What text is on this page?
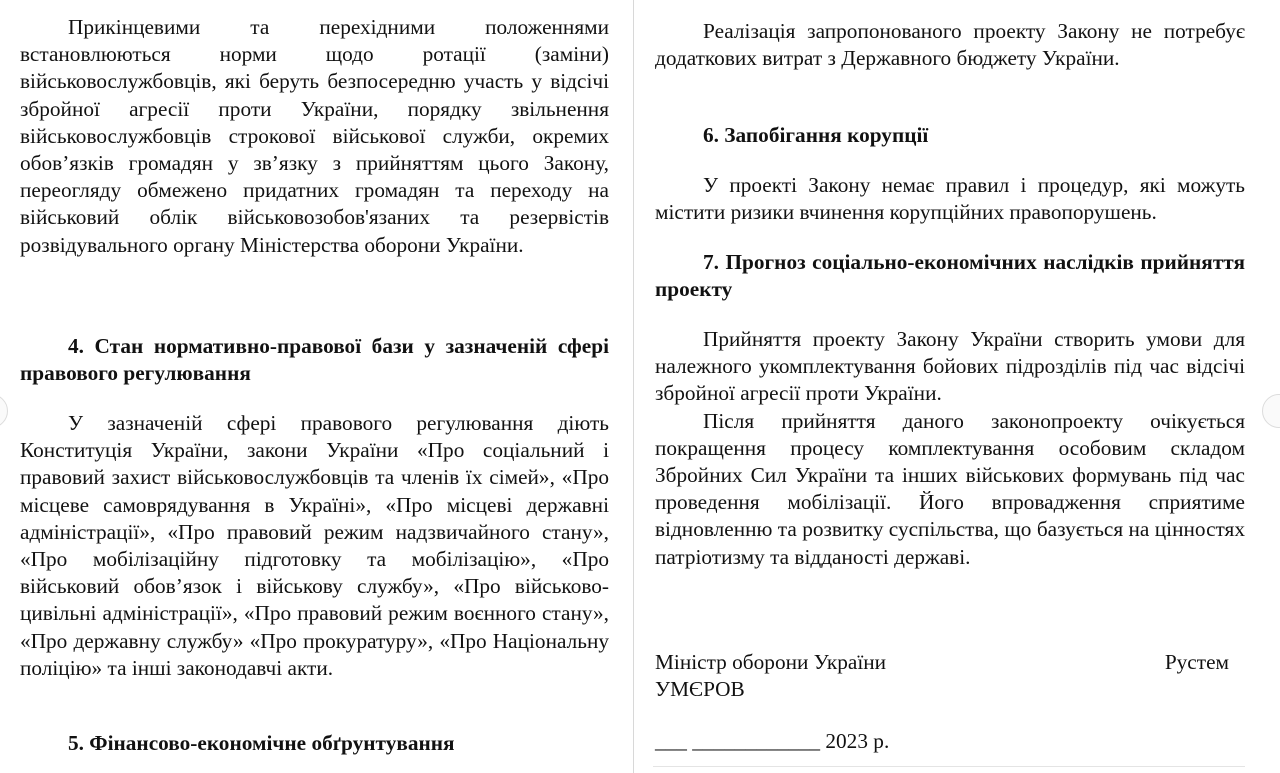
Прикінцевими та перехідними положеннями встановлюються норми щодо ротації (заміни) військовослужбовців, які беруть безпосередню участь у відсічі збройної агресії проти України, порядку звільнення військовослужбовців строкової військової служби, окремих обов’язків громадян у зв’язку з прийняттям цього Закону, переогляду обмежено придатних громадян та переходу на військовий облік військовозобов'язаних та резервістів розвідувального органу Міністерства оборони України.

4. Стан нормативно-правової бази у зазначеній сфері правового регулювання

У зазначеній сфері правового регулювання діють Конституція України, закони України «Про соціальний і правовий захист військовослужбовців та членів їх сімей», «Про місцеве самоврядування в Україні», «Про місцеві державні адміністрації», «Про правовий режим надзвичайного стану», «Про мобілізаційну підготовку та мобілізацію», «Про військовий обов’язок і військову службу», «Про військово-цивільні адміністрації», «Про правовий режим воєнного стану», «Про державну службу» «Про прокуратуру», «Про Національну поліцію» та інші законодавчі акти.

5. Фінансово-економічне обґрунтування

Реалізація запропонованого проекту Закону не потребує додаткових витрат з Державного бюджету України.

6. Запобігання корупції

У проекті Закону немає правил і процедур, які можуть містити ризики вчинення корупційних правопорушень.

7. Прогноз соціально-економічних наслідків прийняття проекту

Прийняття проекту Закону України створить умови для належного укомплектування бойових підрозділів під час відсічі збройної агресії проти України.

Після прийняття даного законопроекту очікується покращення процесу комплектування особовим складом Збройних Сил України та інших військових формувань під час проведення мобілізації. Його впровадження сприятиме відновленню та розвитку суспільства, що базується на цінностях патріотизму та відданості державі.

Міністр оборони України	Рустем
УМЄРОВ
___ ____________ 2023 р.
